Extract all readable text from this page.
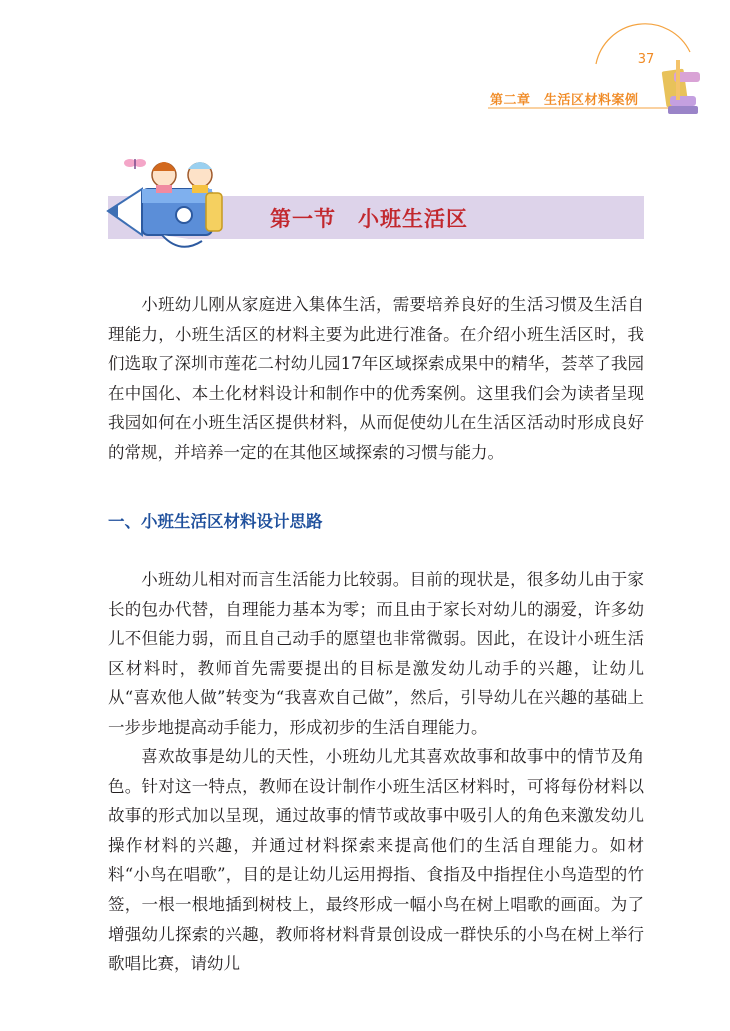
37
第二章　生活区材料案例
第一节　小班生活区

小班幼儿刚从家庭进入集体生活，需要培养良好的生活习惯及生活自理能力，小班生活区的材料主要为此进行准备。在介绍小班生活区时，我们选取了深圳市莲花二村幼儿园17年区域探索成果中的精华，荟萃了我园在中国化、本土化材料设计和制作中的优秀案例。这里我们会为读者呈现我园如何在小班生活区提供材料，从而促使幼儿在生活区活动时形成良好的常规，并培养一定的在其他区域探索的习惯与能力。

一、小班生活区材料设计思路

小班幼儿相对而言生活能力比较弱。目前的现状是，很多幼儿由于家长的包办代替，自理能力基本为零；而且由于家长对幼儿的溺爱，许多幼儿不但能力弱，而且自己动手的愿望也非常微弱。因此，在设计小班生活区材料时，教师首先需要提出的目标是激发幼儿动手的兴趣，让幼儿从“喜欢他人做”转变为“我喜欢自己做”，然后，引导幼儿在兴趣的基础上一步步地提高动手能力，形成初步的生活自理能力。

喜欢故事是幼儿的天性，小班幼儿尤其喜欢故事和故事中的情节及角色。针对这一特点，教师在设计制作小班生活区材料时，可将每份材料以故事的形式加以呈现，通过故事的情节或故事中吸引人的角色来激发幼儿操作材料的兴趣，并通过材料探索来提高他们的生活自理能力。如材料“小鸟在唱歌”，目的是让幼儿运用拇指、食指及中指捏住小鸟造型的竹签，一根一根地插到树枝上，最终形成一幅小鸟在树上唱歌的画面。为了增强幼儿探索的兴趣，教师将材料背景创设成一群快乐的小鸟在树上举行歌唱比赛，请幼儿
